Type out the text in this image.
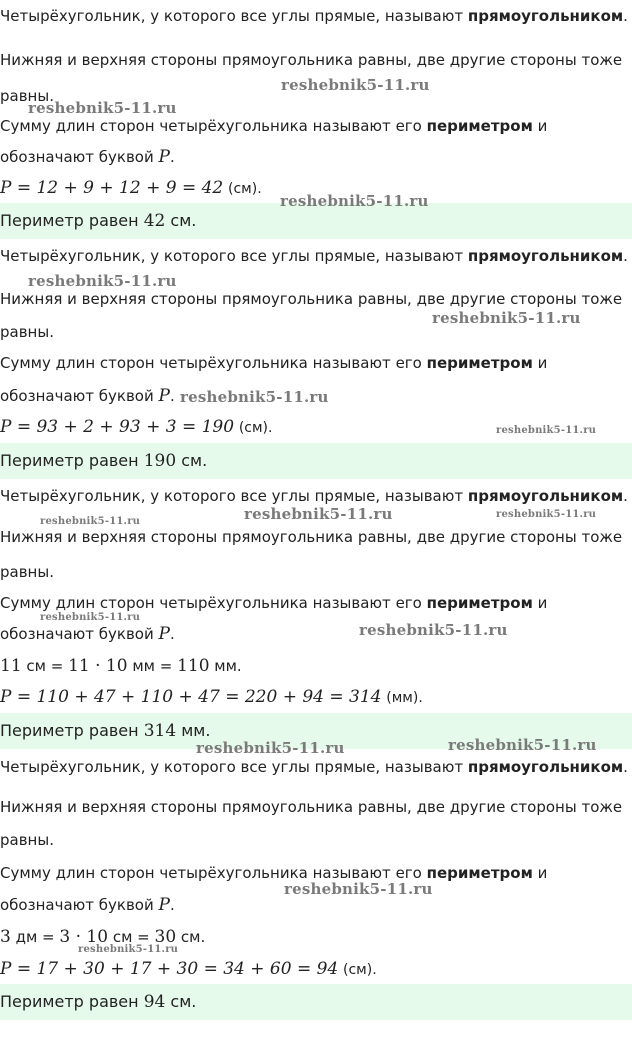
Четырёхугольник, у которого все углы прямые, называют прямоугольником.
Нижняя и верхняя стороны прямоугольника равны, две другие стороны тоже
равны.
Сумму длин сторон четырёхугольника называют его периметром и
обозначают буквой P.
P = 12 + 9 + 12 + 9 = 42 (см).
Периметр равен 42 см.
Четырёхугольник, у которого все углы прямые, называют прямоугольником.
Нижняя и верхняя стороны прямоугольника равны, две другие стороны тоже
равны.
Сумму длин сторон четырёхугольника называют его периметром и
обозначают буквой P.
P = 93 + 2 + 93 + 3 = 190 (см).
Периметр равен 190 см.
Четырёхугольник, у которого все углы прямые, называют прямоугольником.
Нижняя и верхняя стороны прямоугольника равны, две другие стороны тоже
равны.
Сумму длин сторон четырёхугольника называют его периметром и
обозначают буквой P.
11 см = 11 · 10 мм = 110 мм.
P = 110 + 47 + 110 + 47 = 220 + 94 = 314 (мм).
Периметр равен 314 мм.
Четырёхугольник, у которого все углы прямые, называют прямоугольником.
Нижняя и верхняя стороны прямоугольника равны, две другие стороны тоже
равны.
Сумму длин сторон четырёхугольника называют его периметром и
обозначают буквой P.
3 дм = 3 · 10 см = 30 см.
P = 17 + 30 + 17 + 30 = 34 + 60 = 94 (см).
Периметр равен 94 см.
reshebnik5-11.ru
reshebnik5-11.ru
reshebnik5-11.ru
reshebnik5-11.ru
reshebnik5-11.ru
reshebnik5-11.ru
reshebnik5-11.ru
reshebnik5-11.ru
reshebnik5-11.ru
reshebnik5-11.ru
reshebnik5-11.ru
reshebnik5-11.ru
reshebnik5-11.ru	reshebnik5-11.ru
reshebnik5-11.ru
reshebnik5-11.ru
